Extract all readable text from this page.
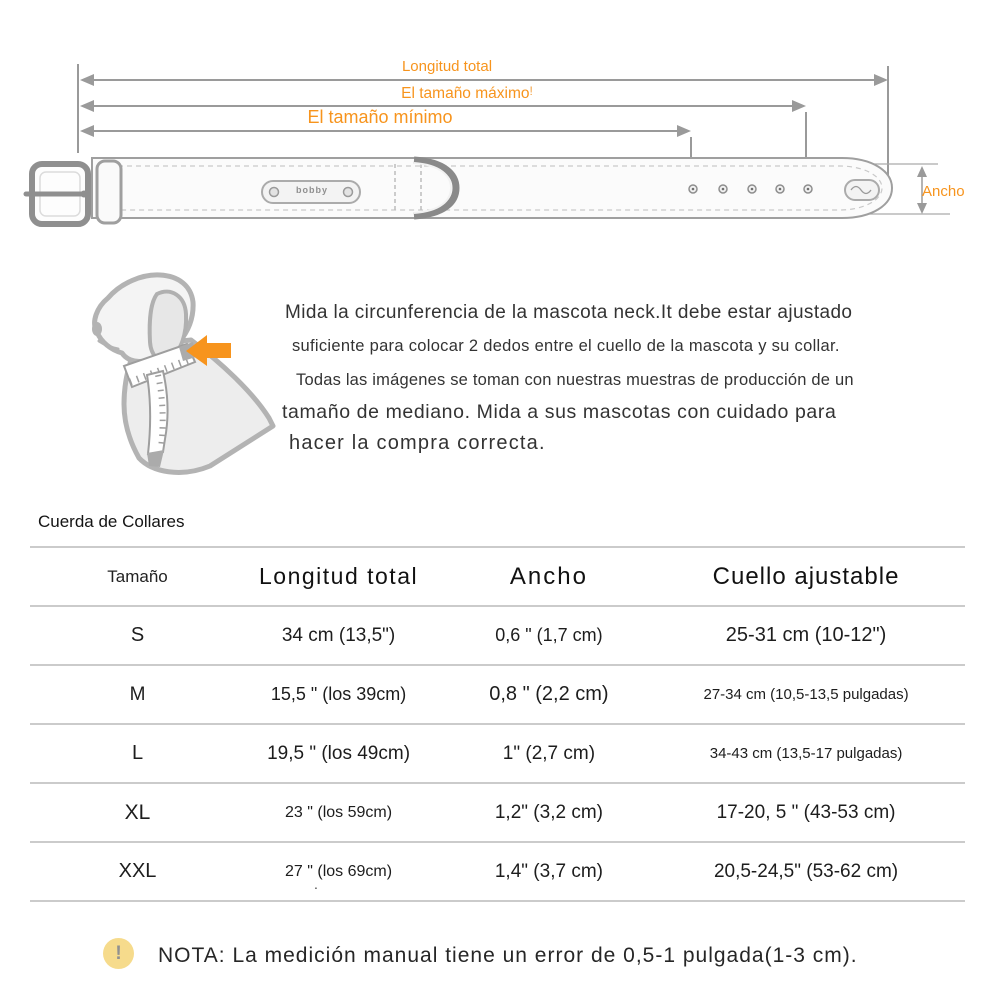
Longitud total
El tamaño máximo!
El tamaño mínimo
Ancho
bobby
Mida la circunferencia de la mascota neck.It debe estar ajustado
suficiente para colocar 2 dedos entre el cuello de la mascota y su collar.
Todas las imágenes se toman con nuestras muestras de producción de un
tamaño de mediano. Mida a sus mascotas con cuidado para
hacer la compra correcta.
Cuerda de Collares
Tamaño	Longitud total	Ancho	Cuello ajustable
S	34 cm (13,5")	0,6 " (1,7 cm)	25-31 cm (10-12")
M	15,5 " (los 39cm)	0,8 " (2,2 cm)	27-34 cm (10,5-13,5 pulgadas)
L	19,5 " (los 49cm)	1" (2,7 cm)	34-43 cm (13,5-17 pulgadas)
XL	23 " (los 59cm)	1,2" (3,2 cm)	17-20, 5 " (43-53 cm)
XXL	27 " (los 69cm)	1,4" (3,7 cm)	20,5-24,5" (53-62 cm)
.
!	NOTA: La medición manual tiene un error de 0,5-1 pulgada(1-3 cm).
